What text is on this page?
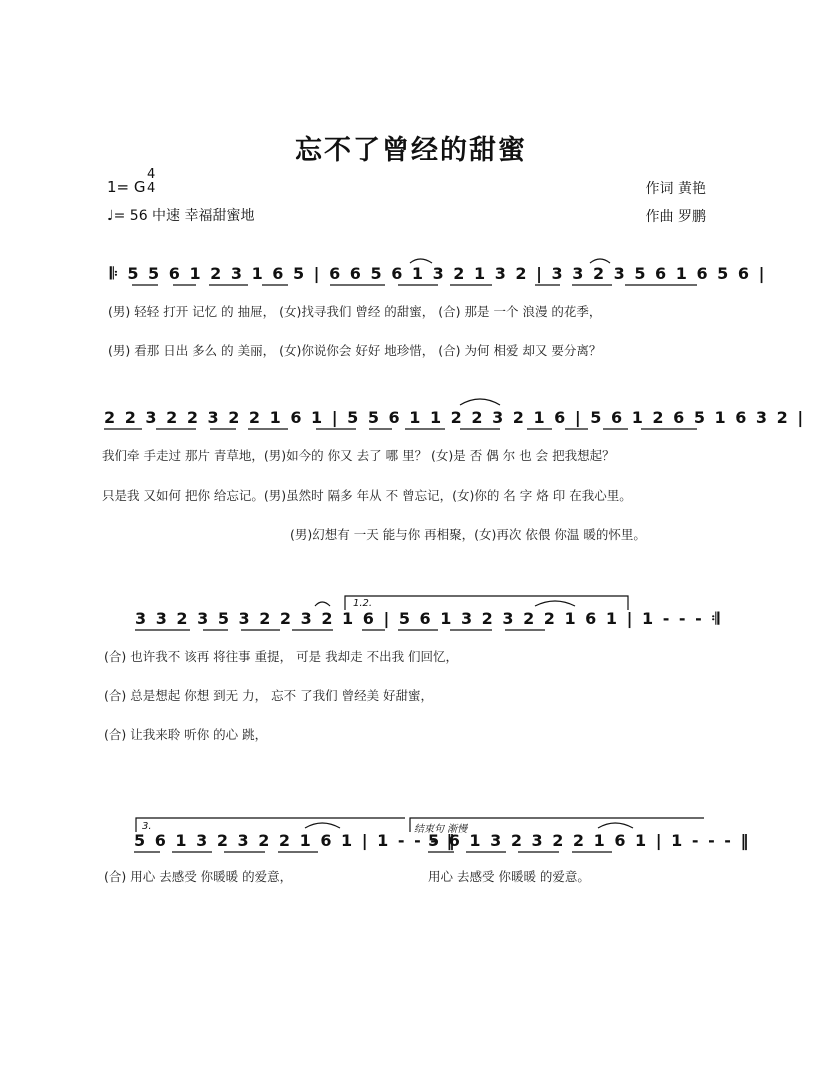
忘不了曾经的甜蜜
1= G
4
4
♩= 56 中速 幸福甜蜜地
作词 黄艳
作曲 罗鹏
𝄆 5 5 6 1 2 3 1 6 5 | 6 6 5 6 1 3 2 1 3 2 | 3 3 2 3 5 6 1 6 5 6 |
(男) 轻轻 打开 记忆 的 抽屉， (女)找寻我们 曾经 的甜蜜， (合) 那是 一个 浪漫 的花季，
(男) 看那 日出 多么 的 美丽， (女)你说你会 好好 地珍惜， (合) 为何 相爱 却又 要分离？
2 2 3 2 2 3 2 2 1 6 1 | 5 5 6 1 1 2 2 3 2 1 6 | 5 6 1 2 6 5 1 6 3 2 |
我们牵 手走过 那片 青草地，(男)如今的 你又 去了 哪 里？ (女)是 否 偶 尔 也 会 把我想起？
只是我 又如何 把你 给忘记。(男)虽然时 隔多 年从 不 曾忘记，(女)你的 名 字 烙 印 在我心里。
(男)幻想有 一天 能与你 再相聚，(女)再次 依偎 你温 暖的怀里。
1.2.
3 3 2 3 5 3 2 2 3 2 1 6 | 5 6 1 3 2 3 2 2 1 6 1 | 1 - - - 𝄇
(合) 也许我不 该再 将往事 重提， 可是 我却走 不出我 们回忆，
(合) 总是想起 你想 到无 力， 忘不 了我们 曾经美 好甜蜜，
(合) 让我来聆 听你 的心 跳，
3.	结束句 渐慢
5 6 1 3 2 3 2 2 1 6 1 | 1 - - - ‖
5 6 1 3 2 3 2 2 1 6 1 | 1 - - - ‖
(合) 用心 去感受 你暖暖 的爱意，	用心 去感受 你暖暖 的爱意。
